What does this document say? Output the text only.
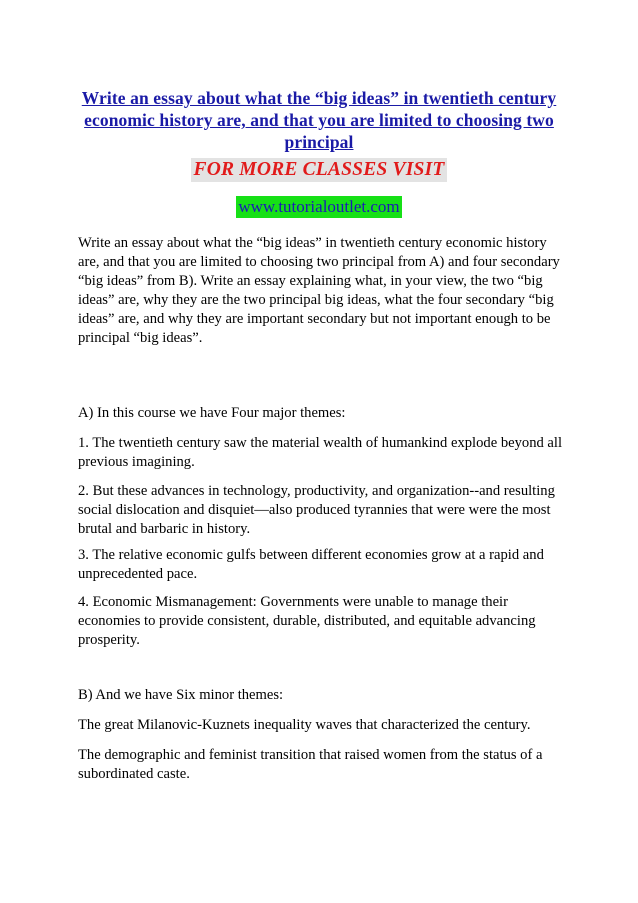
Write an essay about what the “big ideas” in twentieth century economic history are, and that you are limited to choosing two principal
FOR MORE CLASSES VISIT
www.tutorialoutlet.com

Write an essay about what the “big ideas” in twentieth century economic history are, and that you are limited to choosing two principal from A) and four secondary “big ideas” from B). Write an essay explaining what, in your view, the two “big ideas” are, why they are the two principal big ideas, what the four secondary “big ideas” are, and why they are important secondary but not important enough to be principal “big ideas”.

A) In this course we have Four major themes:

1. The twentieth century saw the material wealth of humankind explode beyond all previous imagining.

2. But these advances in technology, productivity, and organization--and resulting social dislocation and disquiet—also produced tyrannies that were were the most brutal and barbaric in history.

3. The relative economic gulfs between different economies grow at a rapid and unprecedented pace.

4. Economic Mismanagement: Governments were unable to manage their economies to provide consistent, durable, distributed, and equitable advancing prosperity.

B) And we have Six minor themes:

The great Milanovic-Kuznets inequality waves that characterized the century.

The demographic and feminist transition that raised women from the status of a subordinated caste.
